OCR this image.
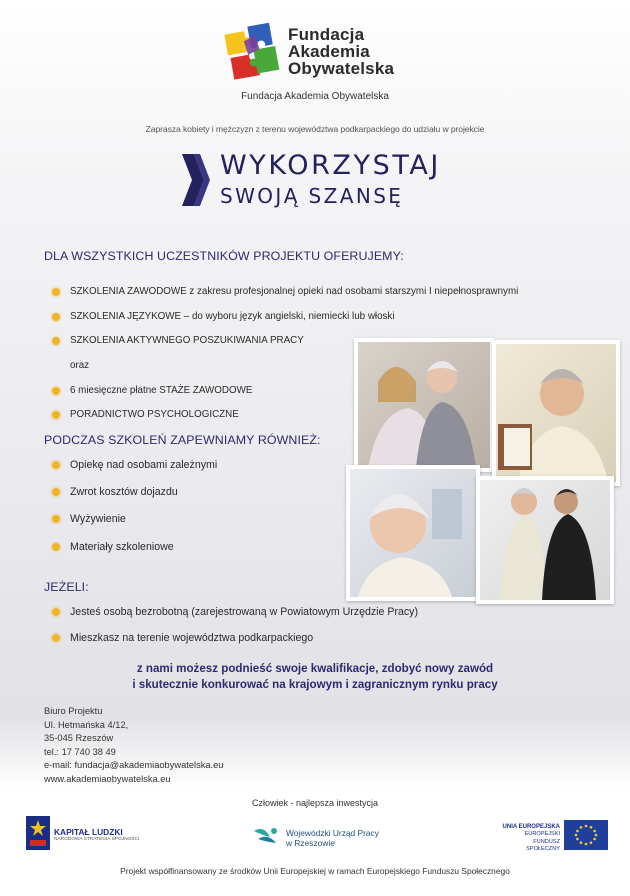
Fundacja
Akademia
Obywatelska
Fundacja Akademia Obywatelska
Zaprasza kobiety i mężczyzn z terenu województwa podkarpackiego do udziału w projekcie
WYKORZYSTAJ
SWOJĄ SZANSĘ
DLA WSZYSTKICH UCZESTNIKÓW PROJEKTU OFERUJEMY:
SZKOLENIA ZAWODOWE z zakresu profesjonalnej opieki nad osobami starszymi I niepełnosprawnymi
SZKOLENIA JĘZYKOWE – do wyboru język angielski, niemiecki lub włoski
SZKOLENIA AKTYWNEGO POSZUKIWANIA PRACY
oraz
6 miesięczne płatne STAŻE ZAWODOWE
PORADNICTWO PSYCHOLOGICZNE
PODCZAS SZKOLEŃ ZAPEWNIAMY RÓWNIEŻ:
Opiekę nad osobami zależnymi
Zwrot kosztów dojazdu
Wyżywienie
Materiały szkoleniowe
JEŻELI:
Jesteś osobą bezrobotną (zarejestrowaną w Powiatowym Urzędzie Pracy)
Mieszkasz na terenie województwa podkarpackiego
z nami możesz podnieść swoje kwalifikacje, zdobyć nowy zawód
i skutecznie konkurować na krajowym i zagranicznym rynku pracy
Biuro Projektu
Ul. Hetmańska 4/12,
35-045 Rzeszów
tel.: 17 740 38 49
e-mail: fundacja@akademiaobywatelska.eu
www.akademiaobywatelska.eu
Człowiek - najlepsza inwestycja
KAPITAŁ LUDZKI
NARODOWA STRATEGIA SPÓJNOŚCI
Wojewódzki Urząd Pracy
w Rzeszowie
UNIA EUROPEJSKA
EUROPEJSKI
FUNDUSZ SPOŁECZNY
Projekt współfinansowany ze środków Unii Europejskiej w ramach Europejskiego Funduszu Społecznego
